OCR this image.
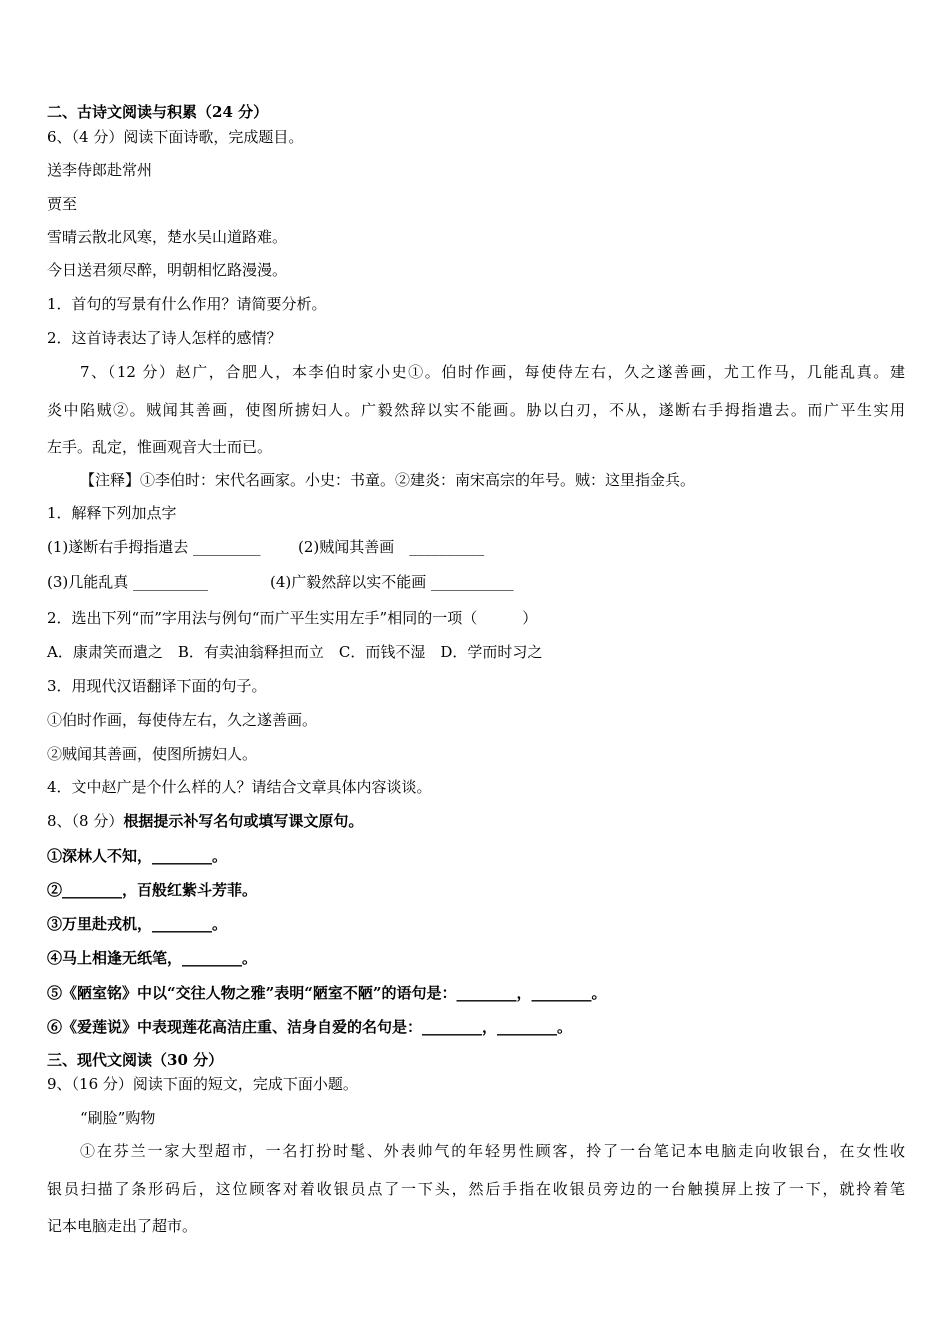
二、古诗文阅读与积累（24 分）
6、（4 分）阅读下面诗歌，完成题目。
送李侍郎赴常州
贾至
雪晴云散北风寒，楚水吴山道路难。
今日送君须尽醉，明朝相忆路漫漫。
1．首句的写景有什么作用？请简要分析。
2．这首诗表达了诗人怎样的感情？
7、（12 分）赵广，合肥人，本李伯时家小史①。伯时作画，每使侍左右，久之遂善画，尤工作马，几能乱真。建
炎中陷贼②。贼闻其善画，使图所掳妇人。广毅然辞以实不能画。胁以白刃，不从，遂断右手拇指遣去。而广平生实用
左手。乱定，惟画观音大士而已。
【注释】①李伯时：宋代名画家。小史：书童。②建炎：南宋高宗的年号。贼：这里指金兵。
1．解释下列加点字
(1)遂断右手拇指遣去 _________ (2)贼闻其善画　__________
(3)几能乱真 __________	(4)广毅然辞以实不能画 ___________
2．选出下列“而”字用法与例句“而广平生实用左手”相同的一项（　　　）
A．康肃笑而遣之　B．有卖油翁释担而立　C．而钱不湿　D．学而时习之
3．用现代汉语翻译下面的句子。
①伯时作画，每使侍左右，久之遂善画。
②贼闻其善画，使图所掳妇人。
4．文中赵广是个什么样的人？请结合文章具体内容谈谈。
8、（8 分）根据提示补写名句或填写课文原句。
①深林人不知，________。
②________，百般红紫斗芳菲。
③万里赴戎机，________。
④马上相逢无纸笔，________。
⑤《陋室铭》中以“交往人物之雅”表明“陋室不陋”的语句是：________，________。
⑥《爱莲说》中表现莲花高洁庄重、洁身自爱的名句是：________，________。
三、现代文阅读（30 分）
9、（16 分）阅读下面的短文，完成下面小题。
“刷脸”购物
①在芬兰一家大型超市，一名打扮时髦、外表帅气的年轻男性顾客，拎了一台笔记本电脑走向收银台，在女性收
银员扫描了条形码后，这位顾客对着收银员点了一下头，然后手指在收银员旁边的一台触摸屏上按了一下，就拎着笔
记本电脑走出了超市。
